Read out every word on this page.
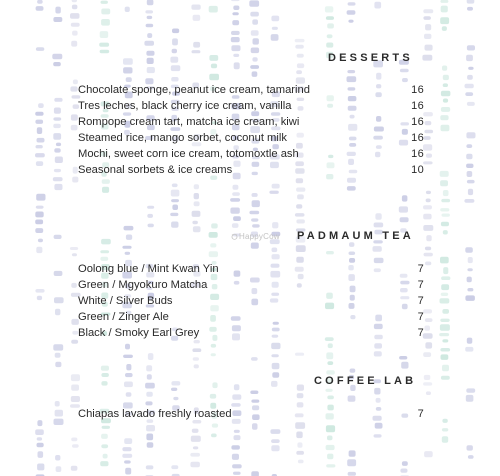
DESSERTS
Chocolate sponge, peanut ice cream, tamarind	16
Tres leches, black cherry ice cream, vanilla	16
Rompope cream tart, matcha ice cream, kiwi	16
Steamed rice, mango sorbet, coconut milk	16
Mochi, sweet corn ice cream, totomoxtle ash	16
Seasonal sorbets & ice creams	10
HappyCow PADMAUM TEA
Oolong blue / Mint Kwan Yin	7
Green / Mgyokuro Matcha	7
White / Silver Buds	7
Green / Zinger Ale	7
Black / Smoky Earl Grey	7
COFFEE LAB
Chiapas lavado freshly roasted	7
